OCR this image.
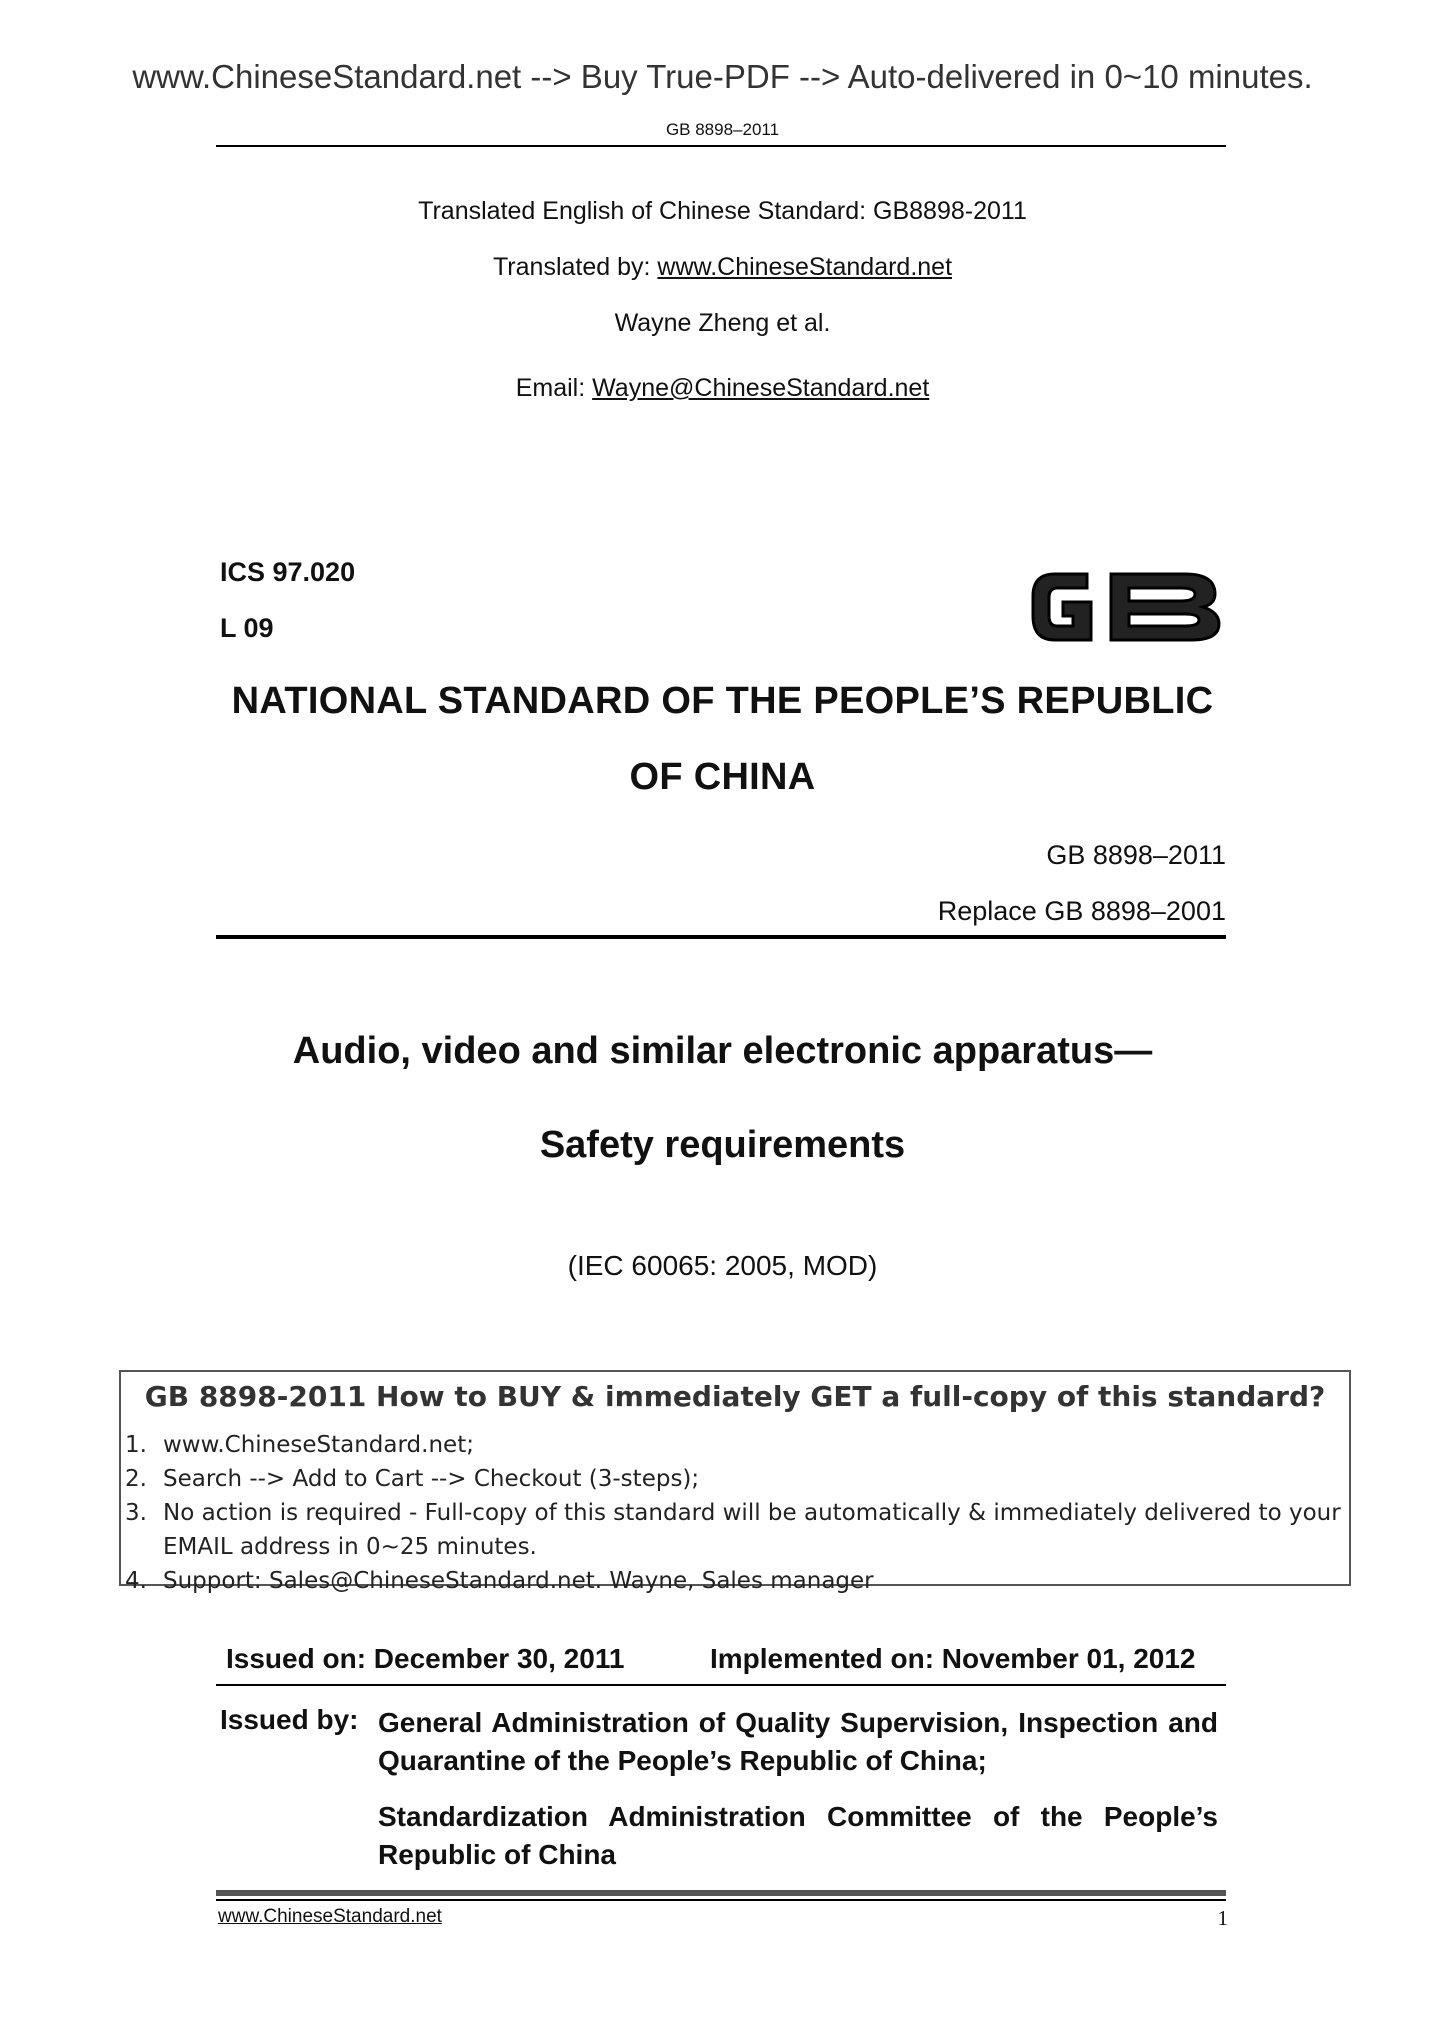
www.ChineseStandard.net --> Buy True-PDF --> Auto-delivered in 0~10 minutes.
GB 8898–2011
Translated English of Chinese Standard: GB8898-2011
Translated by: www.ChineseStandard.net
Wayne Zheng et al.
Email: Wayne@ChineseStandard.net
ICS 97.020
L 09
NATIONAL STANDARD OF THE PEOPLE’S REPUBLIC
OF CHINA
GB 8898–2011
Replace GB 8898–2001
Audio, video and similar electronic apparatus—
Safety requirements
(IEC 60065: 2005, MOD)
GB 8898-2011 How to BUY & immediately GET a full-copy of this standard?
1. www.ChineseStandard.net;
2. Search --> Add to Cart --> Checkout (3-steps);
3. No action is required - Full-copy of this standard will be automatically & immediately delivered to your EMAIL address in 0~25 minutes.
4. Support: Sales@ChineseStandard.net. Wayne, Sales manager
Issued on: December 30, 2011	Implemented on: November 01, 2012
Issued by: General Administration of Quality Supervision, Inspection and Quarantine of the People’s Republic of China;
Standardization Administration Committee of the People’s Republic of China
www.ChineseStandard.net	1
